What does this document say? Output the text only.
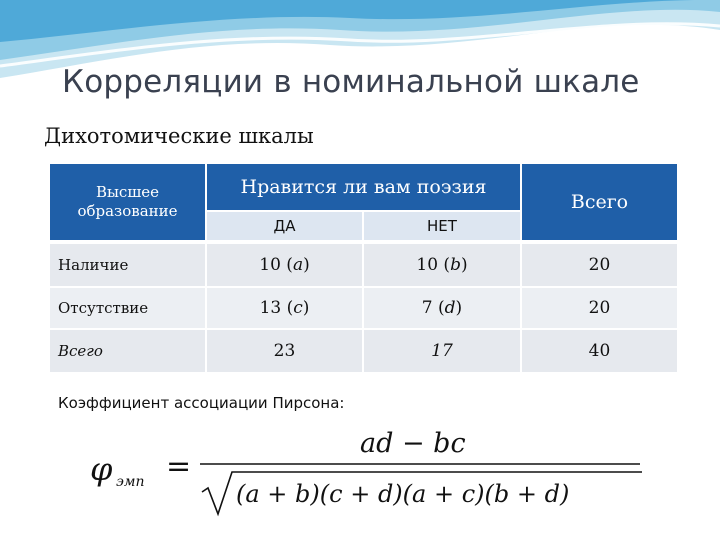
Корреляции в номинальной шкале
Дихотомические шкалы
Высшее образование
Нравится ли вам поэзия
Всего
ДА	НЕТ
Наличие	10 ( a )	10 ( b )	20
Отсутствие	13 ( c )	7 ( d )	20
Всего	23	17	40
Коэффициент ассоциации Пирсона:
φ эмп =
ad − bc
(a + b)(c + d)(a + c)(b + d)
